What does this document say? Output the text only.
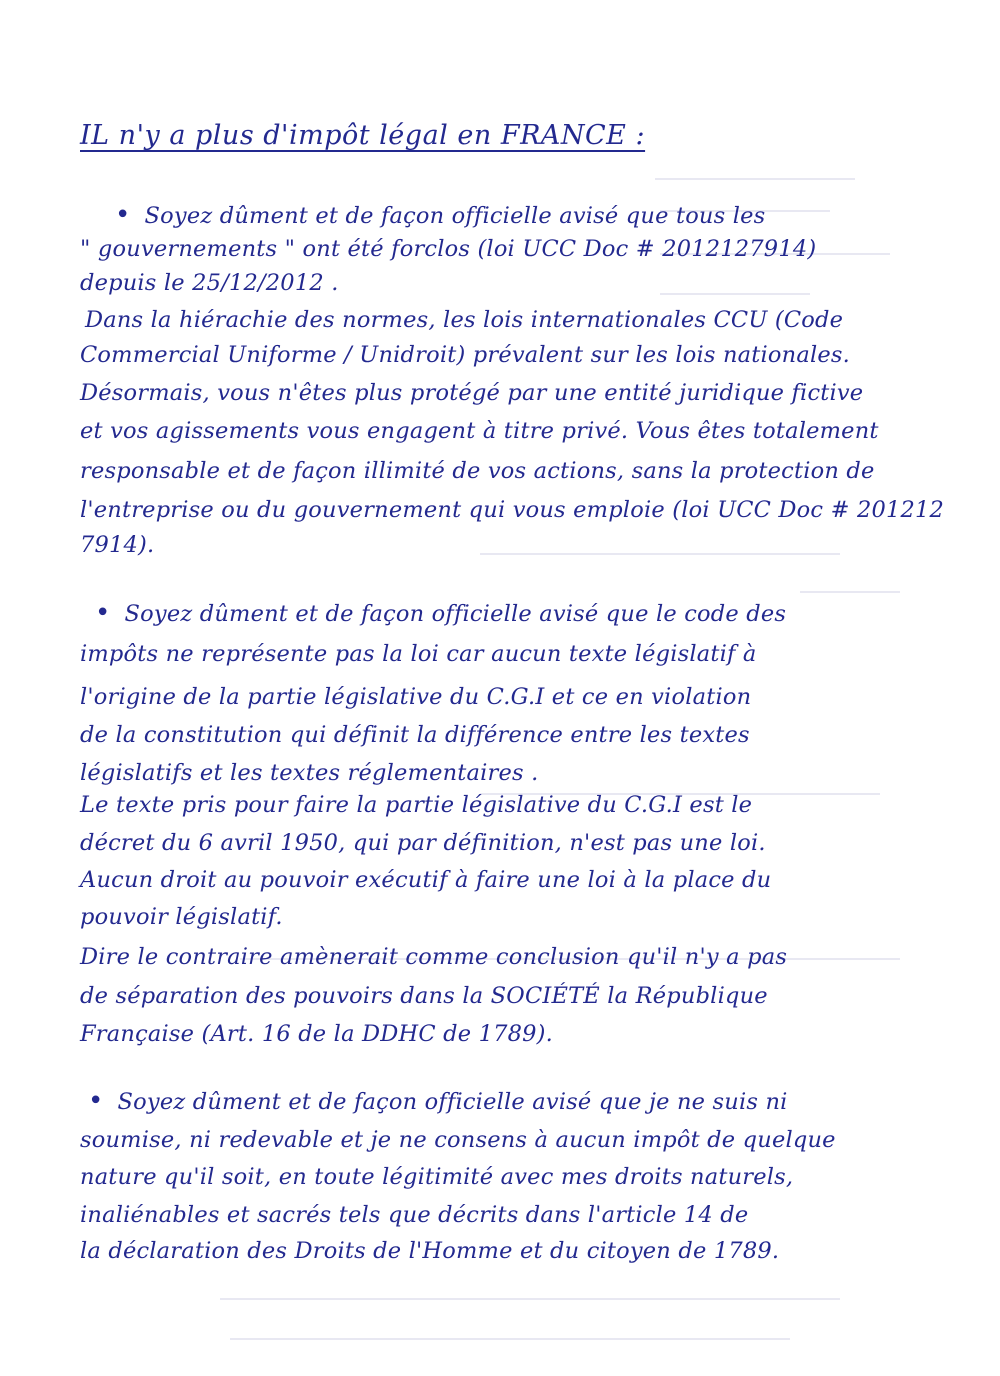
IL n'y a plus d'impôt légal en FRANCE :
• Soyez dûment et de façon officielle avisé que tous les
" gouvernements " ont été forclos (loi UCC Doc # 2012127914)
depuis le 25/12/2012 .
Dans la hiérachie des normes, les lois internationales CCU (Code
Commercial Uniforme / Unidroit) prévalent sur les lois nationales.
Désormais, vous n'êtes plus protégé par une entité juridique fictive
et vos agissements vous engagent à titre privé. Vous êtes totalement
responsable et de façon illimité de vos actions, sans la protection de
l'entreprise ou du gouvernement qui vous emploie (loi UCC Doc # 201212
7914).
• Soyez dûment et de façon officielle avisé que le code des
impôts ne représente pas la loi car aucun texte législatif à
l'origine de la partie législative du C.G.I et ce en violation
de la constitution qui définit la différence entre les textes
législatifs et les textes réglementaires .
Le texte pris pour faire la partie législative du C.G.I est le
décret du 6 avril 1950, qui par définition, n'est pas une loi.
Aucun droit au pouvoir exécutif à faire une loi à la place du
pouvoir législatif.
Dire le contraire amènerait comme conclusion qu'il n'y a pas
de séparation des pouvoirs dans la SOCIÉTÉ la République
Française (Art. 16 de la DDHC de 1789).
• Soyez dûment et de façon officielle avisé que je ne suis ni
soumise, ni redevable et je ne consens à aucun impôt de quelque
nature qu'il soit, en toute légitimité avec mes droits naturels,
inaliénables et sacrés tels que décrits dans l'article 14 de
la déclaration des Droits de l'Homme et du citoyen de 1789.
